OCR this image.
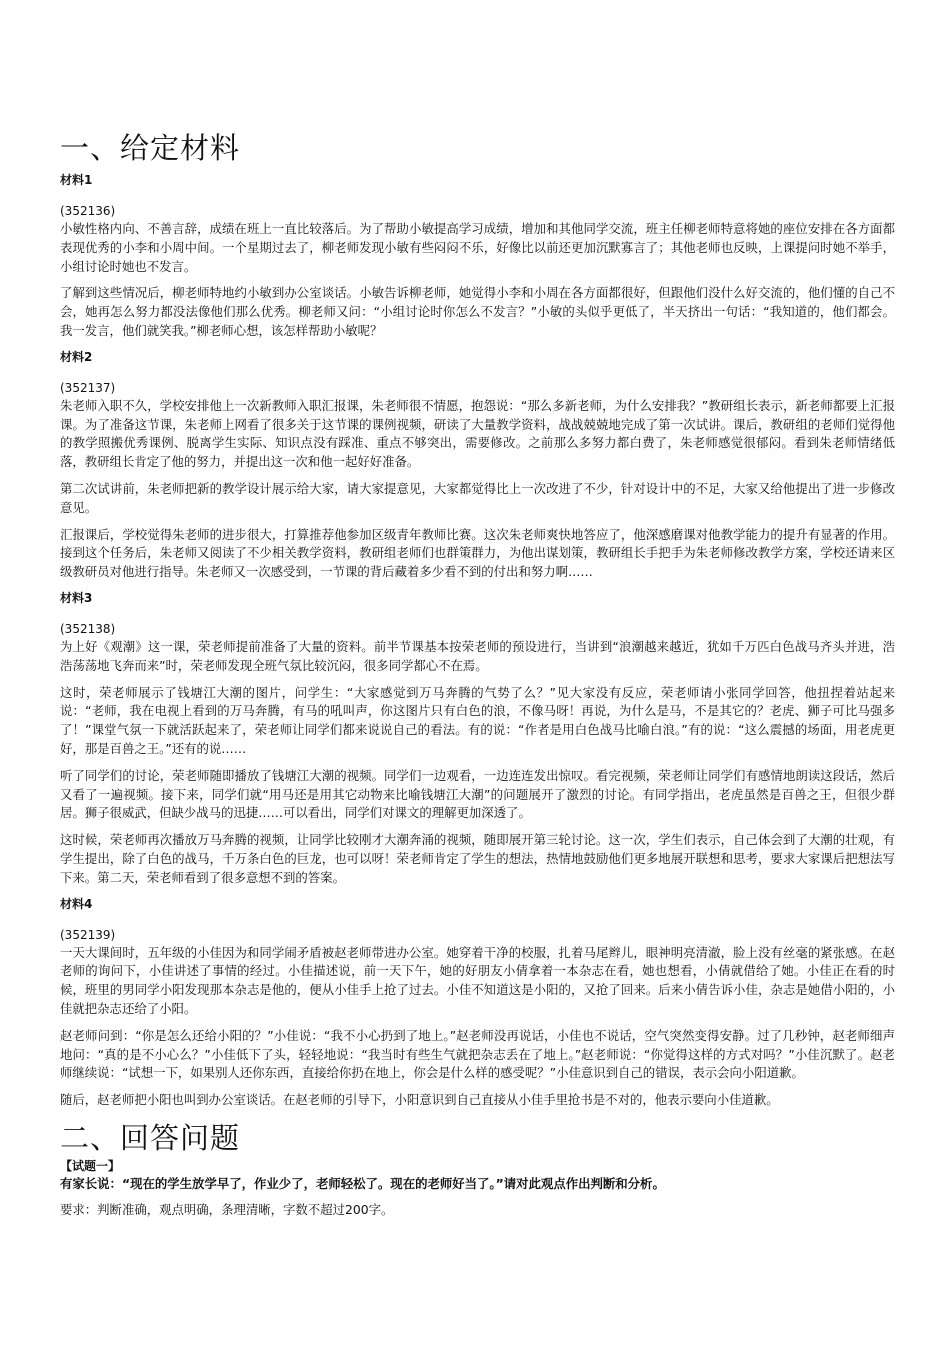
一、给定材料
材料1
(352136)

小敏性格内向、不善言辞，成绩在班上一直比较落后。为了帮助小敏提高学习成绩，增加和其他同学交流，班主任柳老师特意将她的座位安排在各方面都表现优秀的小李和小周中间。一个星期过去了，柳老师发现小敏有些闷闷不乐，好像比以前还更加沉默寡言了；其他老师也反映，上课提问时她不举手，小组讨论时她也不发言。

了解到这些情况后，柳老师特地约小敏到办公室谈话。小敏告诉柳老师，她觉得小李和小周在各方面都很好，但跟他们没什么好交流的，他们懂的自己不会，她再怎么努力都没法像他们那么优秀。柳老师又问：“小组讨论时你怎么不发言？”小敏的头似乎更低了，半天挤出一句话：“我知道的，他们都会。我一发言，他们就笑我。”柳老师心想，该怎样帮助小敏呢？

材料2
(352137)

朱老师入职不久，学校安排他上一次新教师入职汇报课，朱老师很不情愿，抱怨说：“那么多新老师，为什么安排我？”教研组长表示，新老师都要上汇报课。为了准备这节课，朱老师上网看了很多关于这节课的课例视频，研读了大量教学资料，战战兢兢地完成了第一次试讲。课后，教研组的老师们觉得他的教学照搬优秀课例、脱离学生实际、知识点没有踩准、重点不够突出，需要修改。之前那么多努力都白费了，朱老师感觉很郁闷。看到朱老师情绪低落，教研组长肯定了他的努力，并提出这一次和他一起好好准备。

第二次试讲前，朱老师把新的教学设计展示给大家，请大家提意见，大家都觉得比上一次改进了不少，针对设计中的不足，大家又给他提出了进一步修改意见。

汇报课后，学校觉得朱老师的进步很大，打算推荐他参加区级青年教师比赛。这次朱老师爽快地答应了，他深感磨课对他教学能力的提升有显著的作用。接到这个任务后，朱老师又阅读了不少相关教学资料，教研组老师们也群策群力，为他出谋划策，教研组长手把手为朱老师修改教学方案，学校还请来区级教研员对他进行指导。朱老师又一次感受到，一节课的背后藏着多少看不到的付出和努力啊……

材料3
(352138)

为上好《观潮》这一课，荣老师提前准备了大量的资料。前半节课基本按荣老师的预设进行，当讲到“浪潮越来越近，犹如千万匹白色战马齐头并进，浩浩荡荡地飞奔而来”时，荣老师发现全班气氛比较沉闷，很多同学都心不在焉。

这时，荣老师展示了钱塘江大潮的图片，问学生：“大家感觉到万马奔腾的气势了么？”见大家没有反应，荣老师请小张同学回答，他扭捏着站起来说：“老师，我在电视上看到的万马奔腾，有马的吼叫声，你这图片只有白色的浪，不像马呀！再说，为什么是马，不是其它的？老虎、狮子可比马强多了！”课堂气氛一下就活跃起来了，荣老师让同学们都来说说自己的看法。有的说：“作者是用白色战马比喻白浪。”有的说：“这么震撼的场面，用老虎更好，那是百兽之王。”还有的说……

听了同学们的讨论，荣老师随即播放了钱塘江大潮的视频。同学们一边观看，一边连连发出惊叹。看完视频，荣老师让同学们有感情地朗读这段话，然后又看了一遍视频。接下来，同学们就“用马还是用其它动物来比喻钱塘江大潮”的问题展开了激烈的讨论。有同学指出，老虎虽然是百兽之王，但很少群居。狮子很威武，但缺少战马的迅捷……可以看出，同学们对课文的理解更加深透了。

这时候，荣老师再次播放万马奔腾的视频，让同学比较刚才大潮奔涌的视频，随即展开第三轮讨论。这一次，学生们表示，自己体会到了大潮的壮观，有学生提出，除了白色的战马，千万条白色的巨龙，也可以呀！荣老师肯定了学生的想法，热情地鼓励他们更多地展开联想和思考，要求大家课后把想法写下来。第二天，荣老师看到了很多意想不到的答案。

材料4
(352139)

一天大课间时，五年级的小佳因为和同学闹矛盾被赵老师带进办公室。她穿着干净的校服，扎着马尾辫儿，眼神明亮清澈，脸上没有丝毫的紧张感。在赵老师的询问下，小佳讲述了事情的经过。小佳描述说，前一天下午，她的好朋友小倩拿着一本杂志在看，她也想看，小倩就借给了她。小佳正在看的时候，班里的男同学小阳发现那本杂志是他的，便从小佳手上抢了过去。小佳不知道这是小阳的，又抢了回来。后来小倩告诉小佳，杂志是她借小阳的，小佳就把杂志还给了小阳。

赵老师问到：“你是怎么还给小阳的？”小佳说：“我不小心扔到了地上。”赵老师没再说话，小佳也不说话，空气突然变得安静。过了几秒钟，赵老师细声地问：“真的是不小心么？”小佳低下了头，轻轻地说：“我当时有些生气就把杂志丢在了地上。”赵老师说：“你觉得这样的方式对吗？”小佳沉默了。赵老师继续说：“试想一下，如果别人还你东西，直接给你扔在地上，你会是什么样的感受呢？”小佳意识到自己的错误，表示会向小阳道歉。

随后，赵老师把小阳也叫到办公室谈话。在赵老师的引导下，小阳意识到自己直接从小佳手里抢书是不对的，他表示要向小佳道歉。

二、回答问题
【试题一】
有家长说：“现在的学生放学早了，作业少了，老师轻松了。现在的老师好当了。”请对此观点作出判断和分析。
要求：判断准确，观点明确，条理清晰，字数不超过200字。
